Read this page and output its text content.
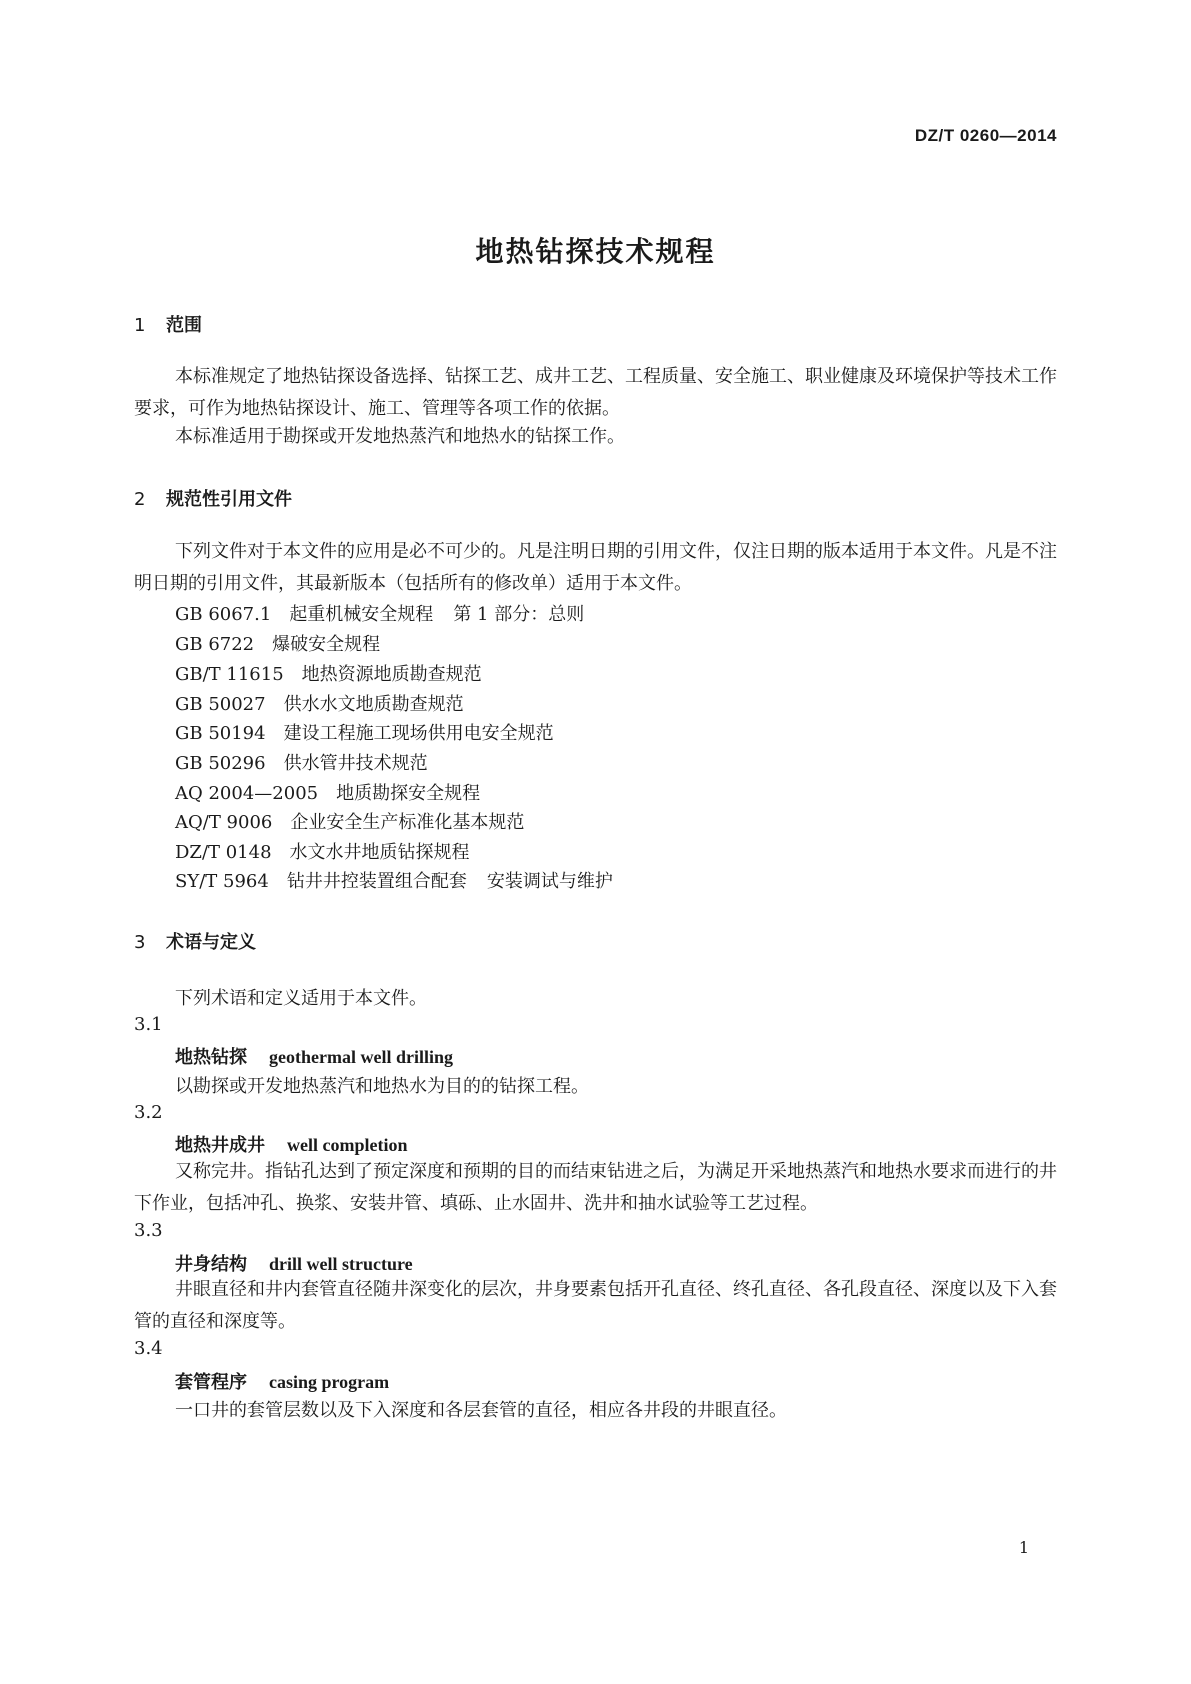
DZ/T 0260—2014
地热钻探技术规程
1 范围
本标准规定了地热钻探设备选择、钻探工艺、成井工艺、工程质量、安全施工、职业健康及环境保护等技术工作要求，可作为地热钻探设计、施工、管理等各项工作的依据。
本标准适用于勘探或开发地热蒸汽和地热水的钻探工作。
2 规范性引用文件
下列文件对于本文件的应用是必不可少的。凡是注明日期的引用文件，仅注日期的版本适用于本文件。凡是不注明日期的引用文件，其最新版本（包括所有的修改单）适用于本文件。
GB 6067.1 起重机械安全规程 第 1 部分：总则
GB 6722 爆破安全规程
GB/T 11615 地热资源地质勘查规范
GB 50027 供水水文地质勘查规范
GB 50194 建设工程施工现场供用电安全规范
GB 50296 供水管井技术规范
AQ 2004—2005 地质勘探安全规程
AQ/T 9006 企业安全生产标准化基本规范
DZ/T 0148 水文水井地质钻探规程
SY/T 5964 钻井井控装置组合配套 安装调试与维护
3 术语与定义
下列术语和定义适用于本文件。
3.1
地热钻探 geothermal well drilling
以勘探或开发地热蒸汽和地热水为目的的钻探工程。
3.2
地热井成井 well completion
又称完井。指钻孔达到了预定深度和预期的目的而结束钻进之后，为满足开采地热蒸汽和地热水要求而进行的井下作业，包括冲孔、换浆、安装井管、填砾、止水固井、洗井和抽水试验等工艺过程。
3.3
井身结构 drill well structure
井眼直径和井内套管直径随井深变化的层次，井身要素包括开孔直径、终孔直径、各孔段直径、深度以及下入套管的直径和深度等。
3.4
套管程序 casing program
一口井的套管层数以及下入深度和各层套管的直径，相应各井段的井眼直径。
1
